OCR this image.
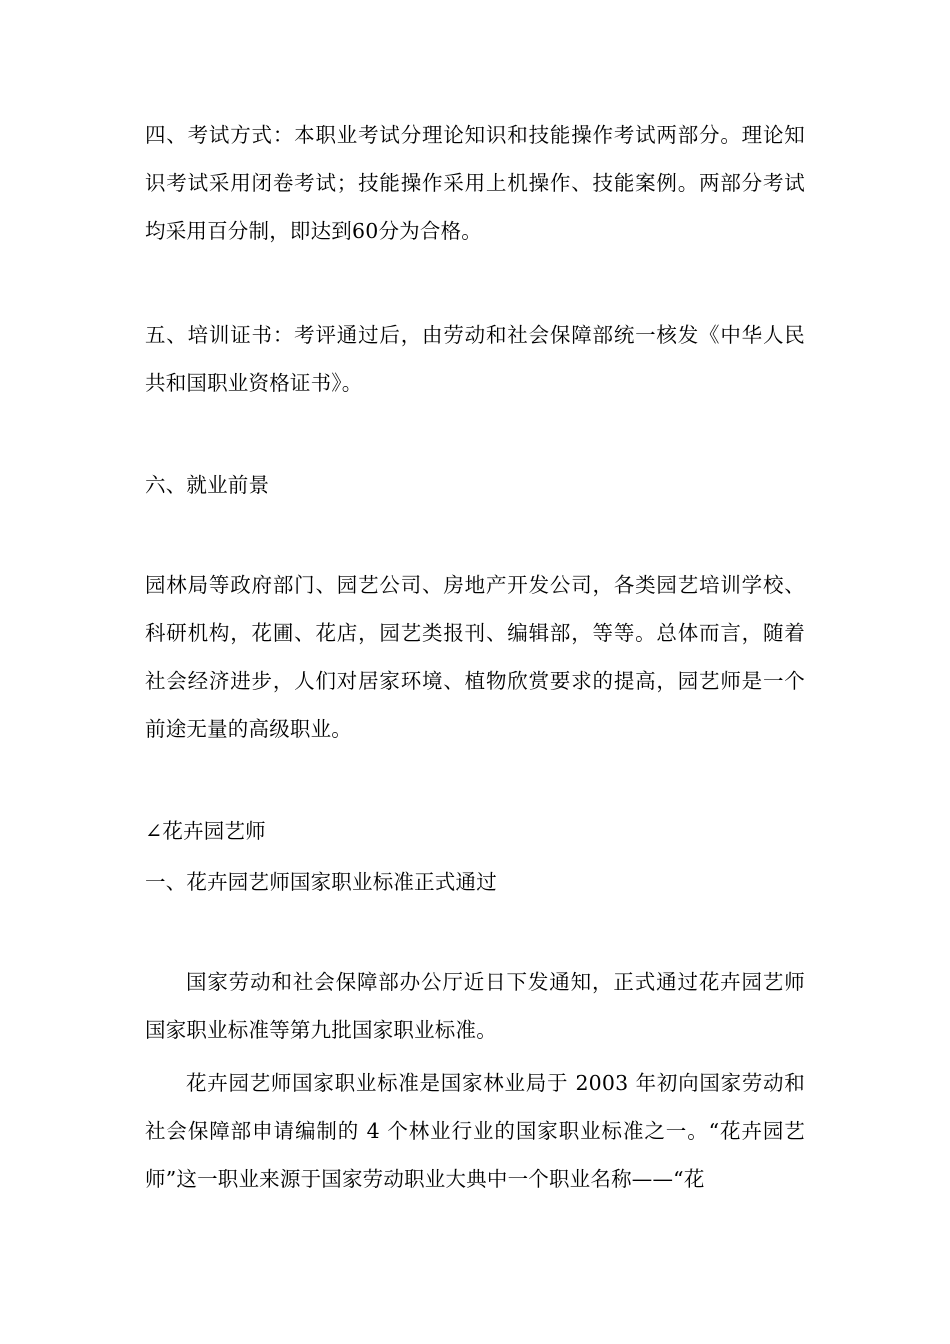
四、考试方式：本职业考试分理论知识和技能操作考试两部分。理论知识考试采用闭卷考试；技能操作采用上机操作、技能案例。两部分考试均采用百分制，即达到60分为合格。

五、培训证书：考评通过后，由劳动和社会保障部统一核发《中华人民共和国职业资格证书》。

六、就业前景

园林局等政府部门、园艺公司、房地产开发公司，各类园艺培训学校、科研机构，花圃、花店，园艺类报刊、编辑部，等等。总体而言，随着社会经济进步，人们对居家环境、植物欣赏要求的提高，园艺师是一个前途无量的高级职业。

∠花卉园艺师

一、花卉园艺师国家职业标准正式通过

国家劳动和社会保障部办公厅近日下发通知，正式通过花卉园艺师国家职业标准等第九批国家职业标准。

花卉园艺师国家职业标准是国家林业局于 2003 年初向国家劳动和社会保障部申请编制的 4 个林业行业的国家职业标准之一。“花卉园艺师”这一职业来源于国家劳动职业大典中一个职业名称——“花
